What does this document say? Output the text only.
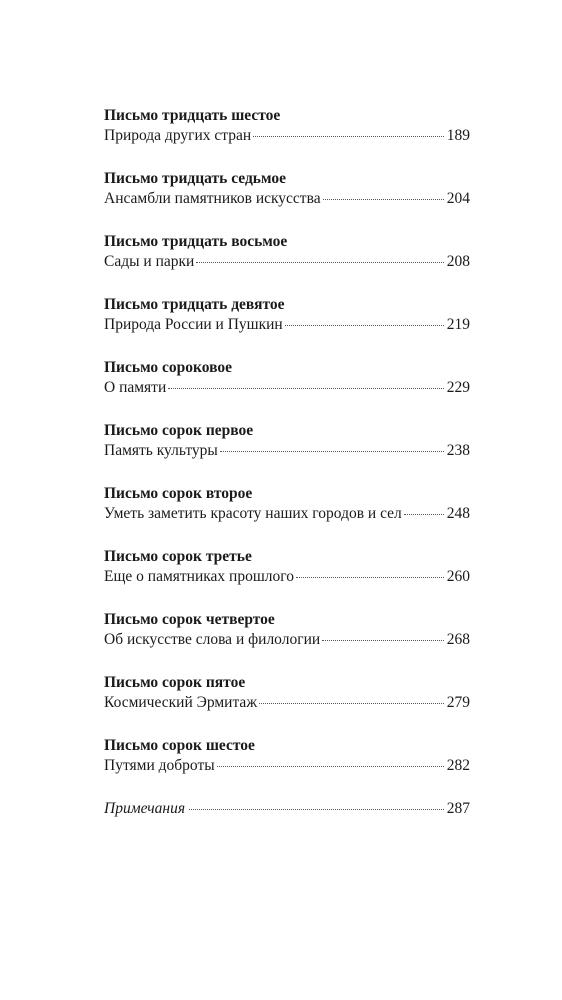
Письмо тридцать шестое
Природа других стран	189
Письмо тридцать седьмое
Ансамбли памятников искусства	204
Письмо тридцать восьмое
Сады и парки	208
Письмо тридцать девятое
Природа России и Пушкин	219
Письмо сороковое
О памяти	229
Письмо сорок первое
Память культуры	238
Письмо сорок второе
Уметь заметить красоту наших городов и сел	248
Письмо сорок третье
Еще о памятниках прошлого	260
Письмо сорок четвертое
Об искусстве слова и филологии	268
Письмо сорок пятое
Космический Эрмитаж	279
Письмо сорок шестое
Путями доброты	282
Примечания	287
